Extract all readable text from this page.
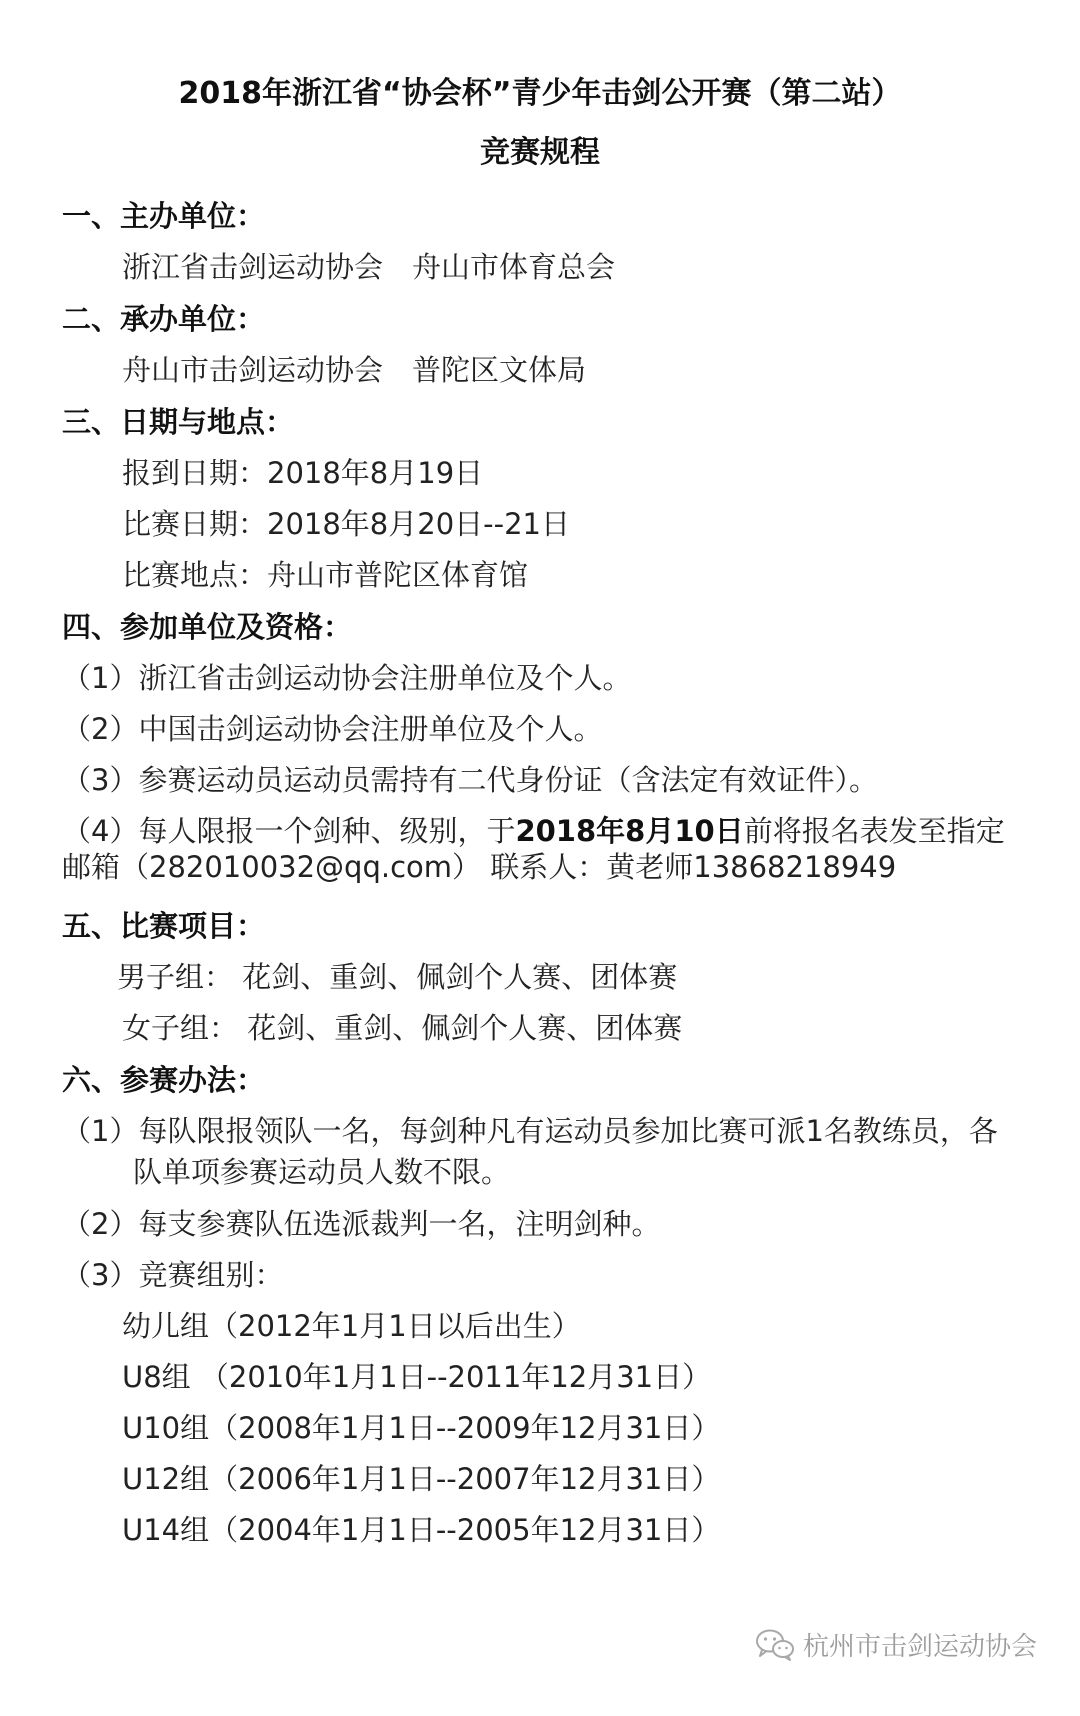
2018年浙江省“协会杯”青少年击剑公开赛（第二站）
竞赛规程
一、主办单位：
浙江省击剑运动协会　舟山市体育总会
二、承办单位：
舟山市击剑运动协会　普陀区文体局
三、日期与地点：
报到日期：2018年8月19日
比赛日期：2018年8月20日--21日
比赛地点：舟山市普陀区体育馆
四、参加单位及资格：
（1）浙江省击剑运动协会注册单位及个人。
（2）中国击剑运动协会注册单位及个人。
（3）参赛运动员运动员需持有二代身份证（含法定有效证件）。
（4）每人限报一个剑种、级别，于2018年8月10日前将报名表发至指定
邮箱（282010032@qq.com） 联系人：黄老师13868218949
五、比赛项目：
男子组： 花剑、重剑、佩剑个人赛、团体赛
女子组： 花剑、重剑、佩剑个人赛、团体赛
六、参赛办法：
（1）每队限报领队一名，每剑种凡有运动员参加比赛可派1名教练员，各
队单项参赛运动员人数不限。
（2）每支参赛队伍选派裁判一名，注明剑种。
（3）竞赛组别：
幼儿组（2012年1月1日以后出生）
U8组 （2010年1月1日--2011年12月31日）
U10组（2008年1月1日--2009年12月31日）
U12组（2006年1月1日--2007年12月31日）
U14组（2004年1月1日--2005年12月31日）
杭州市击剑运动协会
